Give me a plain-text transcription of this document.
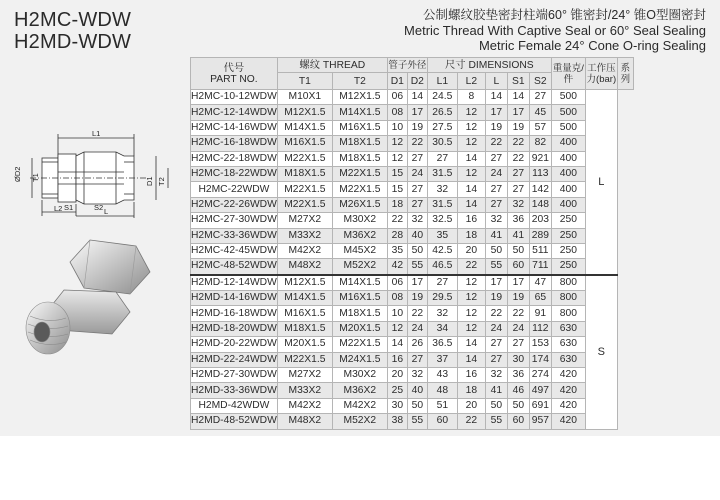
H2MC-WDW
H2MD-WDW
公制螺纹胶垫密封柱端60° 锥密封/24° 锥O型圈密封
Metric Thread With Captive Seal or 60° Seal Sealing
Metric Female 24° Cone O-ring Sealing
L1
L2	L
S1	S2
ØD2 T1	D1 T2
代号
PART NO.	螺纹 THREAD		管子外径		尺寸 DIMENSIONS					重量克/件	工作压力(bar)	系列
	T1	T2	D1	D2	L1	L2	L	S1	S2			
H2MC-10-12WDW	M10X1	M12X1.5	06	14	24.5	8	14	14	27	500	L	
H2MC-12-14WDW	M12X1.5	M14X1.5	08	17	26.5	12	17	17	45	500		
H2MC-14-16WDW	M14X1.5	M16X1.5	10	19	27.5	12	19	19	57	500		
H2MC-16-18WDW	M16X1.5	M18X1.5	12	22	30.5	12	22	22	82	400		
H2MC-22-18WDW	M22X1.5	M18X1.5	12	27	27	14	27	22	921	400		
H2MC-18-22WDW	M18X1.5	M22X1.5	15	24	31.5	12	24	27	113	400		
H2MC-22WDW	M22X1.5	M22X1.5	15	27	32	14	27	27	142	400		
H2MC-22-26WDW	M22X1.5	M26X1.5	18	27	31.5	14	27	32	148	400		
H2MC-27-30WDW	M27X2	M30X2	22	32	32.5	16	32	36	203	250		
H2MC-33-36WDW	M33X2	M36X2	28	40	35	18	41	41	289	250		
H2MC-42-45WDW	M42X2	M45X2	35	50	42.5	20	50	50	511	250		
H2MC-48-52WDW	M48X2	M52X2	42	55	46.5	22	55	60	711	250		
H2MD-12-14WDW	M12X1.5	M14X1.5	06	17	27	12	17	17	47	800	S	
H2MD-14-16WDW	M14X1.5	M16X1.5	08	19	29.5	12	19	19	65	800		
H2MD-16-18WDW	M16X1.5	M18X1.5	10	22	32	12	22	22	91	800		
H2MD-18-20WDW	M18X1.5	M20X1.5	12	24	34	12	24	24	112	630		
H2MD-20-22WDW	M20X1.5	M22X1.5	14	26	36.5	14	27	27	153	630		
H2MD-22-24WDW	M22X1.5	M24X1.5	16	27	37	14	27	30	174	630		
H2MD-27-30WDW	M27X2	M30X2	20	32	43	16	32	36	274	420		
H2MD-33-36WDW	M33X2	M36X2	25	40	48	18	41	46	497	420		
H2MD-42WDW	M42X2	M42X2	30	50	51	20	50	50	691	420		
H2MD-48-52WDW	M48X2	M52X2	38	55	60	22	55	60	957	420		
